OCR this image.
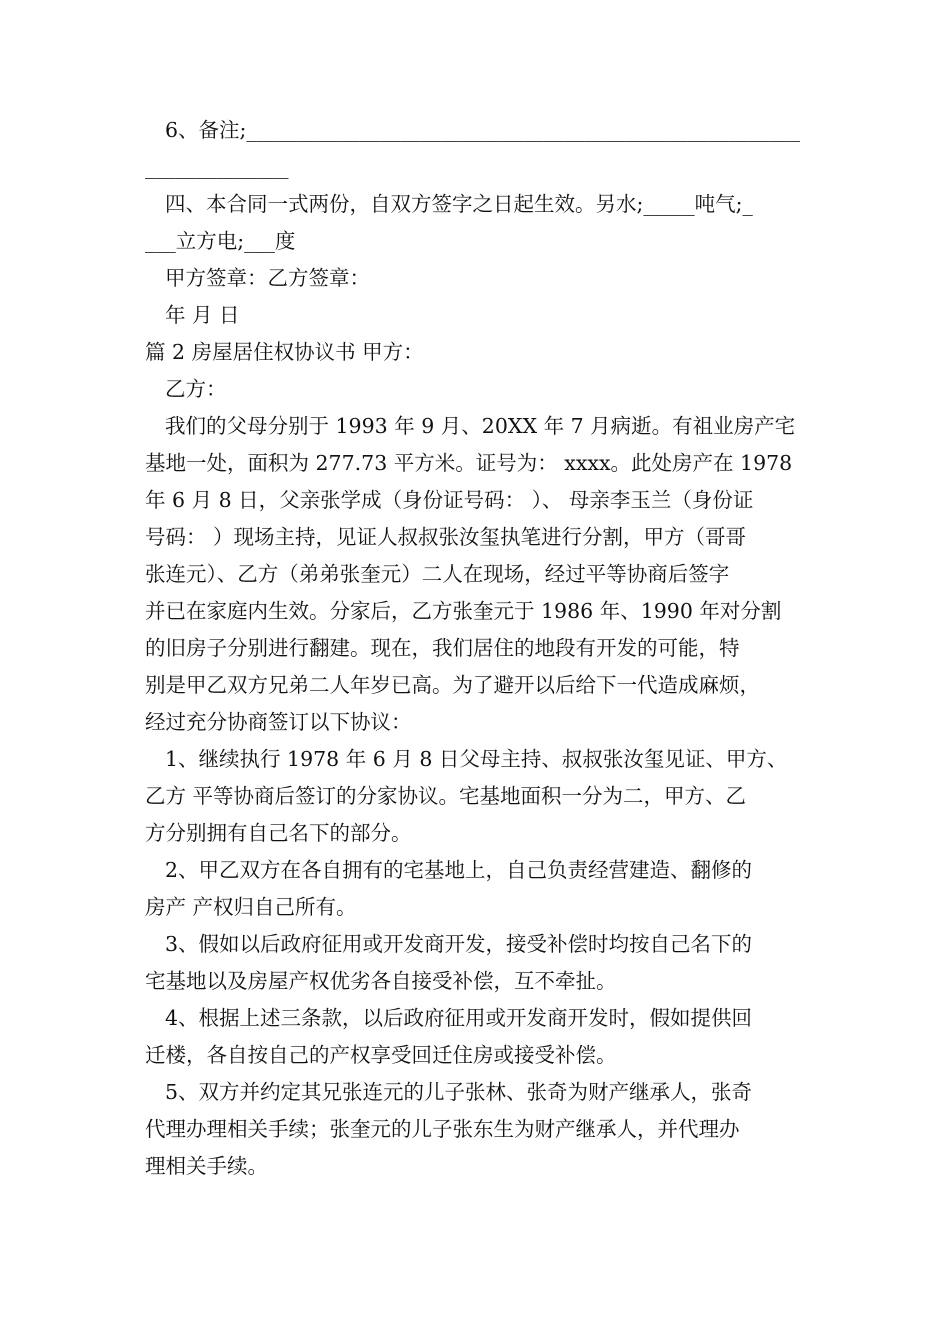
6、备注;______________________________________________________
______________
四、本合同一式两份，自双方签字之日起生效。另水;_____吨气;_
___立方电;___度
甲方签章：乙方签章：
年 月 日
篇 2 房屋居住权协议书 甲方：
乙方：
我们的父母分别于 1993 年 9 月、20XX 年 7 月病逝。有祖业房产宅
基地一处，面积为 277.73 平方米。证号为： xxxx。此处房产在 1978
年 6 月 8 日，父亲张学成（身份证号码： ）、 母亲李玉兰（身份证
号码： ）现场主持，见证人叔叔张汝玺执笔进行分割，甲方（哥哥
张连元）、乙方（弟弟张奎元）二人在现场，经过平等协商后签字
并已在家庭内生效。分家后，乙方张奎元于 1986 年、1990 年对分割
的旧房子分别进行翻建。现在，我们居住的地段有开发的可能，特
别是甲乙双方兄弟二人年岁已高。为了避开以后给下一代造成麻烦，
经过充分协商签订以下协议：
1、继续执行 1978 年 6 月 8 日父母主持、叔叔张汝玺见证、甲方、
乙方 平等协商后签订的分家协议。宅基地面积一分为二，甲方、乙
方分别拥有自己名下的部分。
2、甲乙双方在各自拥有的宅基地上，自己负责经营建造、翻修的
房产 产权归自己所有。
3、假如以后政府征用或开发商开发，接受补偿时均按自己名下的
宅基地以及房屋产权优劣各自接受补偿，互不牵扯。
4、根据上述三条款，以后政府征用或开发商开发时，假如提供回
迁楼，各自按自己的产权享受回迁住房或接受补偿。
5、双方并约定其兄张连元的儿子张林、张奇为财产继承人，张奇
代理办理相关手续；张奎元的儿子张东生为财产继承人，并代理办
理相关手续。
